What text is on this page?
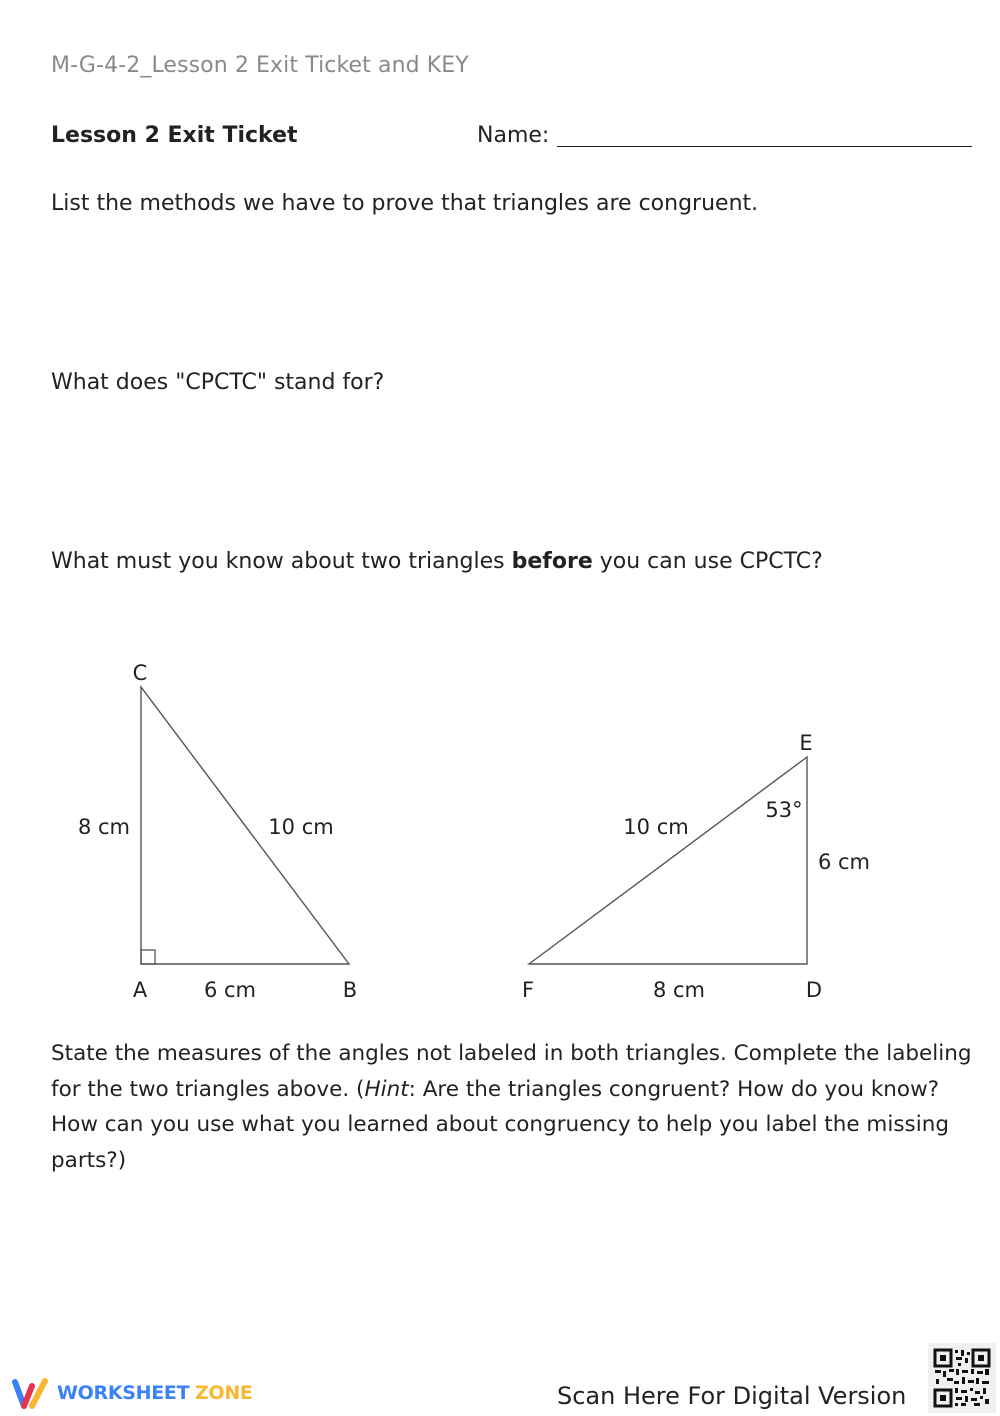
M-G-4-2_Lesson 2 Exit Ticket and KEY
Lesson 2 Exit Ticket	Name:
List the methods we have to prove that triangles are congruent.
What does "CPCTC" stand for?
What must you know about two triangles before you can use CPCTC?
C
A	B
8 cm	10 cm
6 cm
E
F	D
53°
10 cm
6 cm
8 cm
State the measures of the angles not labeled in both triangles. Complete the labeling for the two triangles above. (Hint: Are the triangles congruent? How do you know? How can you use what you learned about congruency to help you label the missing parts?)
WORKSHEET ZONE	Scan Here For Digital Version
